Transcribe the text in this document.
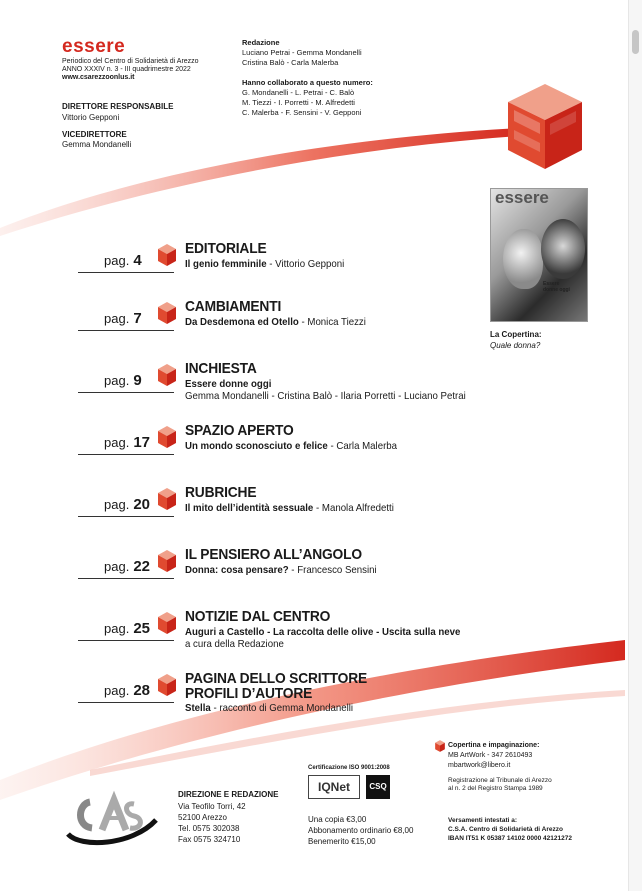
essere
Periodico del Centro di Solidarietà di Arezzo
ANNO XXXIV n. 3 - III quadrimestre 2022
www.csarezzoonlus.it
DIRETTORE RESPONSABILE
Vittorio Gepponi
VICEDIRETTORE
Gemma Mondanelli
Redazione
Luciano Petrai - Gemma Mondanelli
Cristina Balò - Carla Malerba
Hanno collaborato a questo numero:
G. Mondanelli - L. Petrai - C. Balò
M. Tiezzi - I. Porretti - M. Alfredetti
C. Malerba - F. Sensini - V. Gepponi
essere
Essere donne oggi
La Copertina:
Quale donna?
pag. 4
EDITORIALE
Il genio femminile - Vittorio Gepponi
pag. 7
CAMBIAMENTI
Da Desdemona ed Otello - Monica Tiezzi
pag. 9
INCHIESTA
Essere donne oggi
Gemma Mondanelli - Cristina Balò - Ilaria Porretti - Luciano Petrai
pag. 17
SPAZIO APERTO
Un mondo sconosciuto e felice - Carla Malerba
pag. 20
RUBRICHE
Il mito dell’identità sessuale - Manola Alfredetti
pag. 22
IL PENSIERO ALL’ANGOLO
Donna: cosa pensare? - Francesco Sensini
pag. 25
NOTIZIE DAL CENTRO
Auguri a Castello - La raccolta delle olive - Uscita sulla neve
a cura della Redazione
pag. 28
PAGINA DELLO SCRITTORE
PROFILI D’AUTORE
Stella - racconto di Gemma Mondanelli
DIREZIONE E REDAZIONE
Via Teofilo Torri, 42
52100 Arezzo
Tel. 0575 302038
Fax 0575 324710
Certificazione ISO 9001:2008
IQNet	CSQ
Una copia €3,00
Abbonamento ordinario €8,00
Benemerito €15,00
Copertina e impaginazione:
MB ArtWork - 347 2610493
mbartwork@libero.it
Registrazione al Tribunale di Arezzo
al n. 2 del Registro Stampa 1989
Versamenti intestati a:
C.S.A. Centro di Solidarietà di Arezzo
IBAN IT51 K 05387 14102 0000 42121272
